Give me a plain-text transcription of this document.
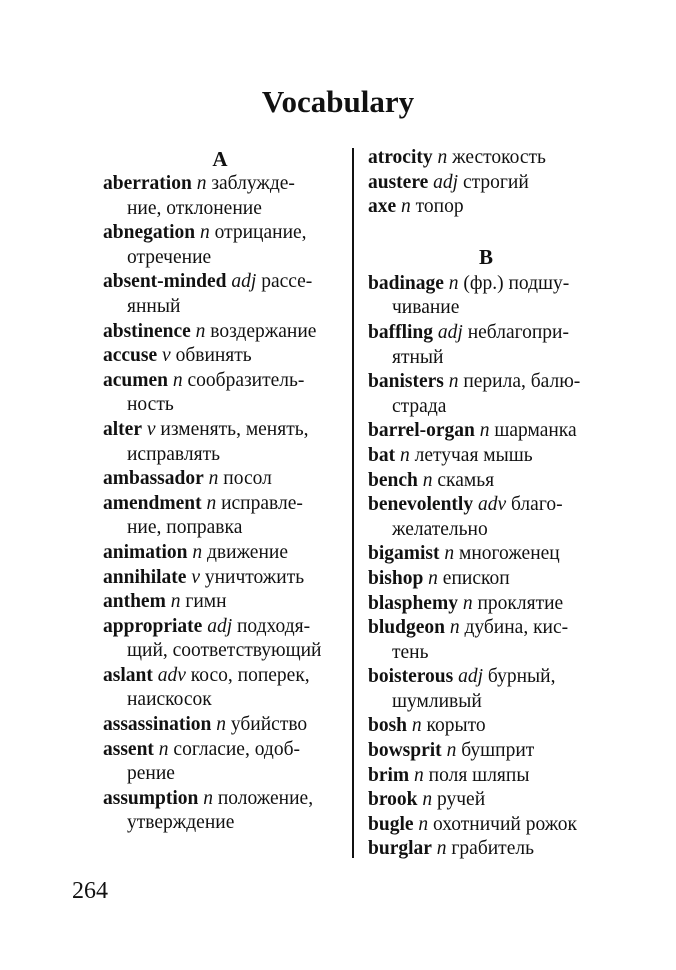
Vocabulary
A
aberration n заблужде-
ние, отклонение
abnegation n отрицание,
отречение
absent-minded adj рассе-
янный
abstinence n воздержание
accuse v обвинять
acumen n сообразитель-
ность
alter v изменять, менять,
исправлять
ambassador n посол
amendment n исправле-
ние, поправка
animation n движение
annihilate v уничтожить
anthem n гимн
appropriate adj подходя-
щий, соответствующий
aslant adv косо, поперек,
наискосок
assassination n убийство
assent n согласие, одоб-
рение
assumption n положение,
утверждение
atrocity n жестокость
austere adj строгий
axe n топор
B
badinage n (фр.) подшу-
чивание
baffling adj неблагопри-
ятный
banisters n перила, балю-
страда
barrel-organ n шарманка
bat n летучая мышь
bench n скамья
benevolently adv благо-
желательно
bigamist n многоженец
bishop n епископ
blasphemy n проклятие
bludgeon n дубина, кис-
тень
boisterous adj бурный,
шумливый
bosh n корыто
bowsprit n бушприт
brim n поля шляпы
brook n ручей
bugle n охотничий рожок
burglar n грабитель
264
